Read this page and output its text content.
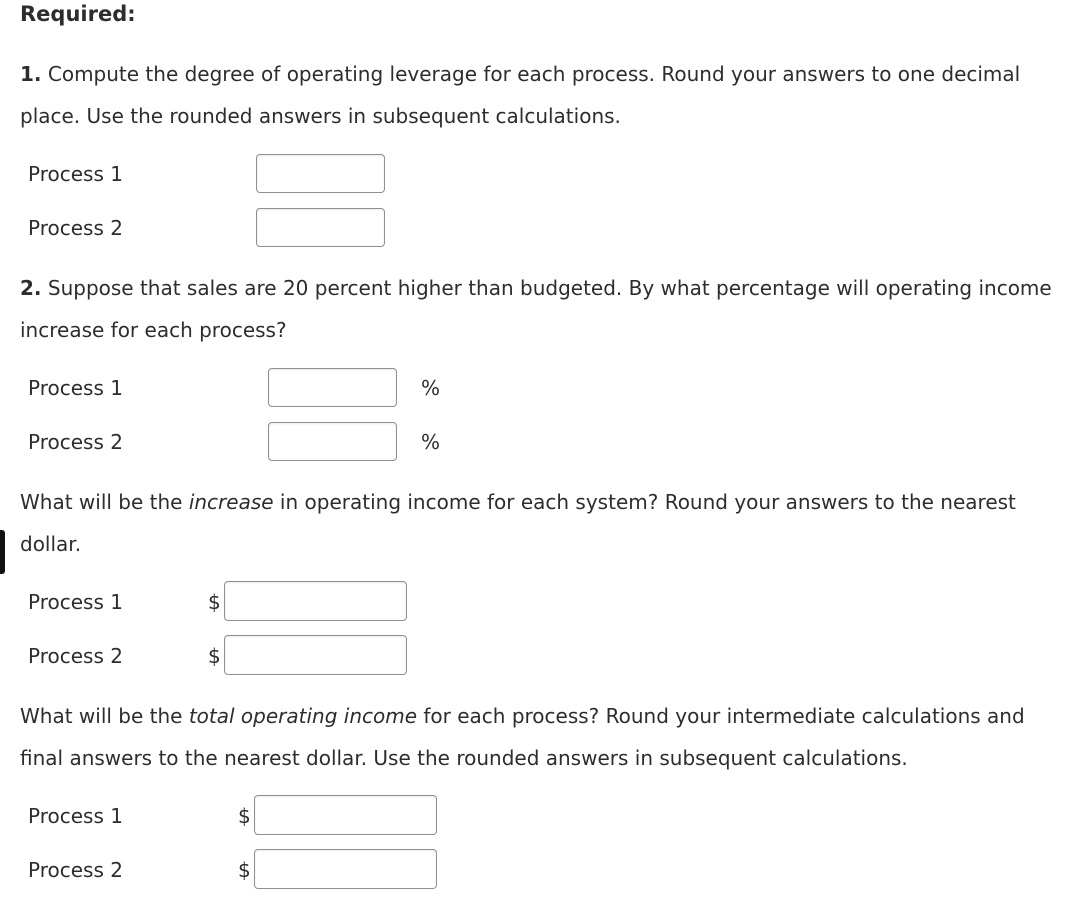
Required:
1. Compute the degree of operating leverage for each process. Round your answers to one decimal place. Use the rounded answers in subsequent calculations.
Process 1
Process 2
2. Suppose that sales are 20 percent higher than budgeted. By what percentage will operating income increase for each process?
Process 1	%
Process 2	%
What will be the increase in operating income for each system? Round your answers to the nearest dollar.
Process 1	$
Process 2	$
What will be the total operating income for each process? Round your intermediate calculations and final answers to the nearest dollar. Use the rounded answers in subsequent calculations.
Process 1	$
Process 2	$
